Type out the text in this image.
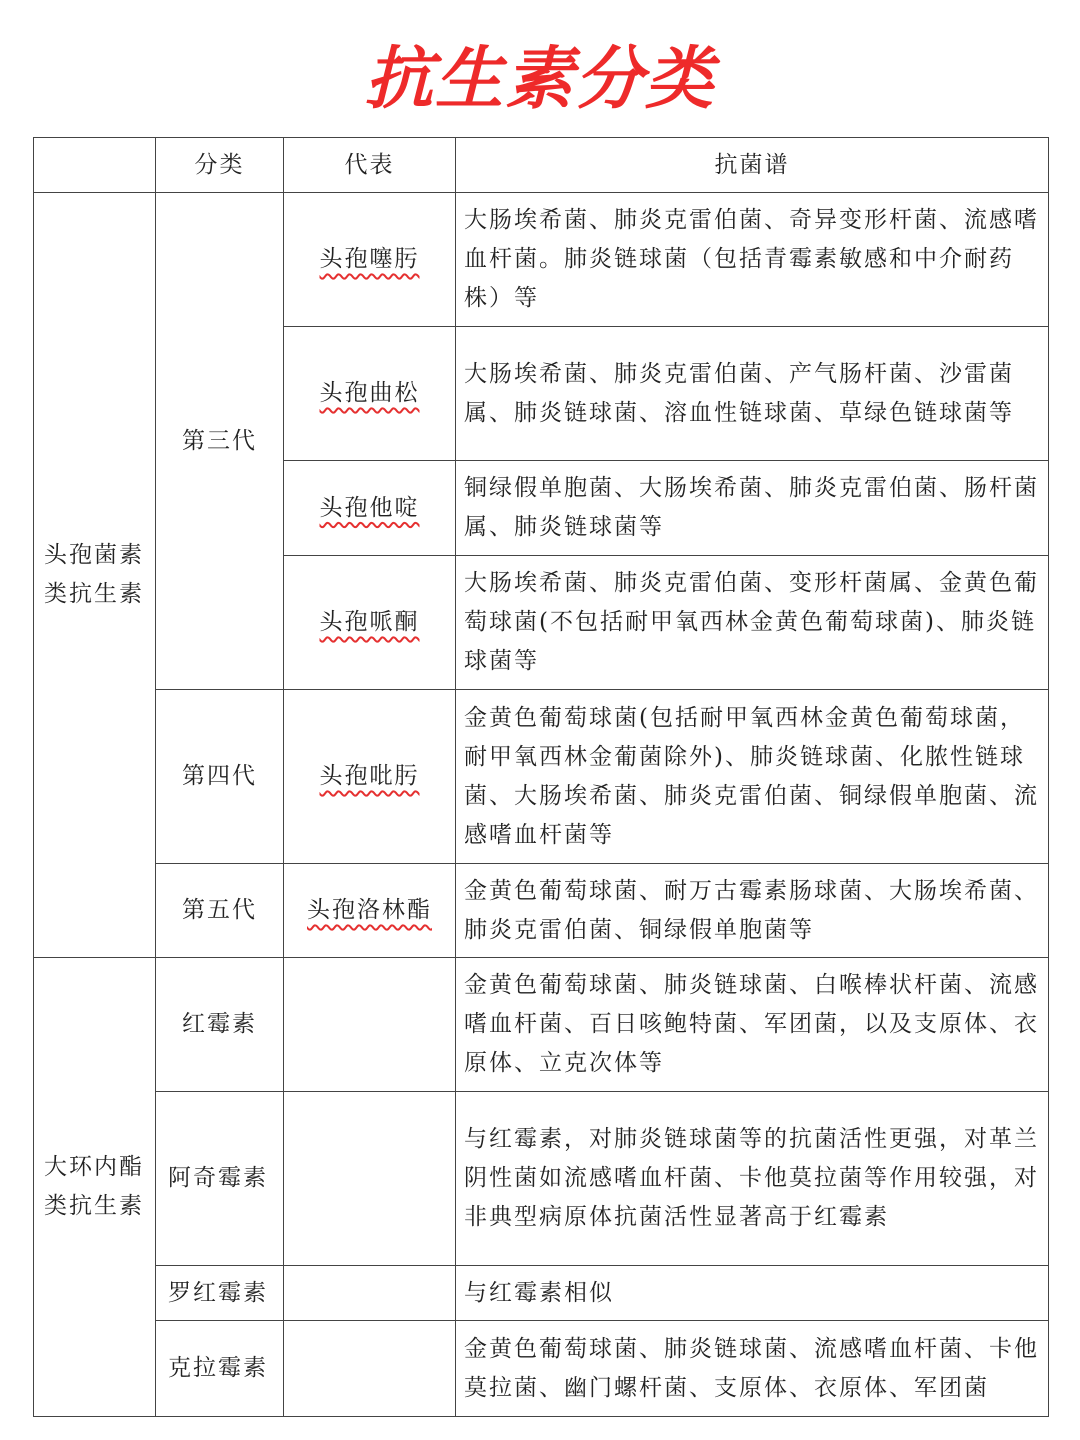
抗生素分类
	分类	代表	抗菌谱
头孢菌素类抗生素	第三代	头孢噻肟	大肠埃希菌、肺炎克雷伯菌、奇异变形杆菌、流感嗜血杆菌。肺炎链球菌（包括青霉素敏感和中介耐药株）等
		头孢曲松	大肠埃希菌、肺炎克雷伯菌、产气肠杆菌、沙雷菌属、肺炎链球菌、溶血性链球菌、草绿色链球菌等
		头孢他啶	铜绿假单胞菌、大肠埃希菌、肺炎克雷伯菌、肠杆菌属、肺炎链球菌等
		头孢哌酮	大肠埃希菌、肺炎克雷伯菌、变形杆菌属、金黄色葡萄球菌(不包括耐甲氧西林金黄色葡萄球菌)、肺炎链球菌等
	第四代	头孢吡肟	金黄色葡萄球菌(包括耐甲氧西林金黄色葡萄球菌，耐甲氧西林金葡菌除外)、肺炎链球菌、化脓性链球菌、大肠埃希菌、肺炎克雷伯菌、铜绿假单胞菌、流感嗜血杆菌等
	第五代	头孢洛林酯	金黄色葡萄球菌、耐万古霉素肠球菌、大肠埃希菌、肺炎克雷伯菌、铜绿假单胞菌等
大环内酯类抗生素	红霉素		金黄色葡萄球菌、肺炎链球菌、白喉棒状杆菌、流感嗜血杆菌、百日咳鲍特菌、军团菌，以及支原体、衣原体、立克次体等
	阿奇霉素		与红霉素，对肺炎链球菌等的抗菌活性更强，对革兰阴性菌如流感嗜血杆菌、卡他莫拉菌等作用较强，对非典型病原体抗菌活性显著高于红霉素
	罗红霉素		与红霉素相似
	克拉霉素		金黄色葡萄球菌、肺炎链球菌、流感嗜血杆菌、卡他莫拉菌、幽门螺杆菌、支原体、衣原体、军团菌
